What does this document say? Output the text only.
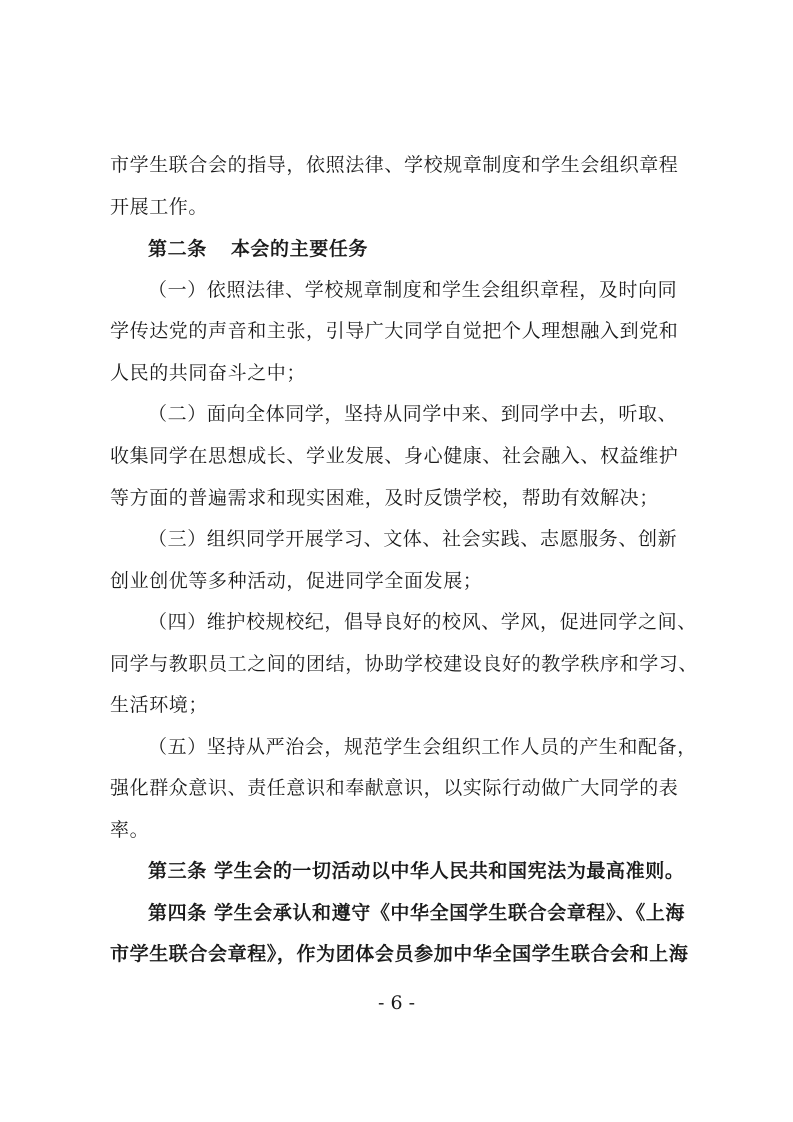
市学生联合会的指导，依照法律、学校规章制度和学生会组织章程
开展工作。
第二条 本会的主要任务
（一）依照法律、学校规章制度和学生会组织章程，及时向同
学传达党的声音和主张，引导广大同学自觉把个人理想融入到党和
人民的共同奋斗之中；
（二）面向全体同学，坚持从同学中来、到同学中去，听取、
收集同学在思想成长、学业发展、身心健康、社会融入、权益维护
等方面的普遍需求和现实困难，及时反馈学校，帮助有效解决；
（三）组织同学开展学习、文体、社会实践、志愿服务、创新
创业创优等多种活动，促进同学全面发展；
（四）维护校规校纪，倡导良好的校风、学风，促进同学之间、
同学与教职员工之间的团结，协助学校建设良好的教学秩序和学习、
生活环境；
（五）坚持从严治会，规范学生会组织工作人员的产生和配备，
强化群众意识、责任意识和奉献意识，以实际行动做广大同学的表
率。
第三条 学生会的一切活动以中华人民共和国宪法为最高准则。
第四条 学生会承认和遵守《中华全国学生联合会章程》、《上海
市学生联合会章程》，作为团体会员参加中华全国学生联合会和上海
- 6 -
